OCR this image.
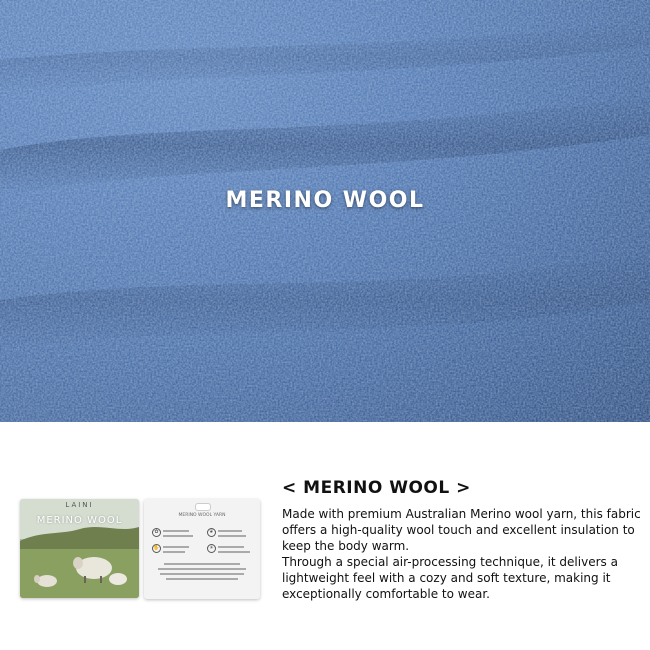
MERINO WOOL
LAINI
MERINO WOOL	MERINO WOOL YARN
✿	❦
✋	☀
< MERINO WOOL >

Made with premium Australian Merino wool yarn, this fabric offers a high-quality wool touch and excellent insulation to keep the body warm.

Through a special air-processing technique, it delivers a lightweight feel with a cozy and soft texture, making it exceptionally comfortable to wear.
